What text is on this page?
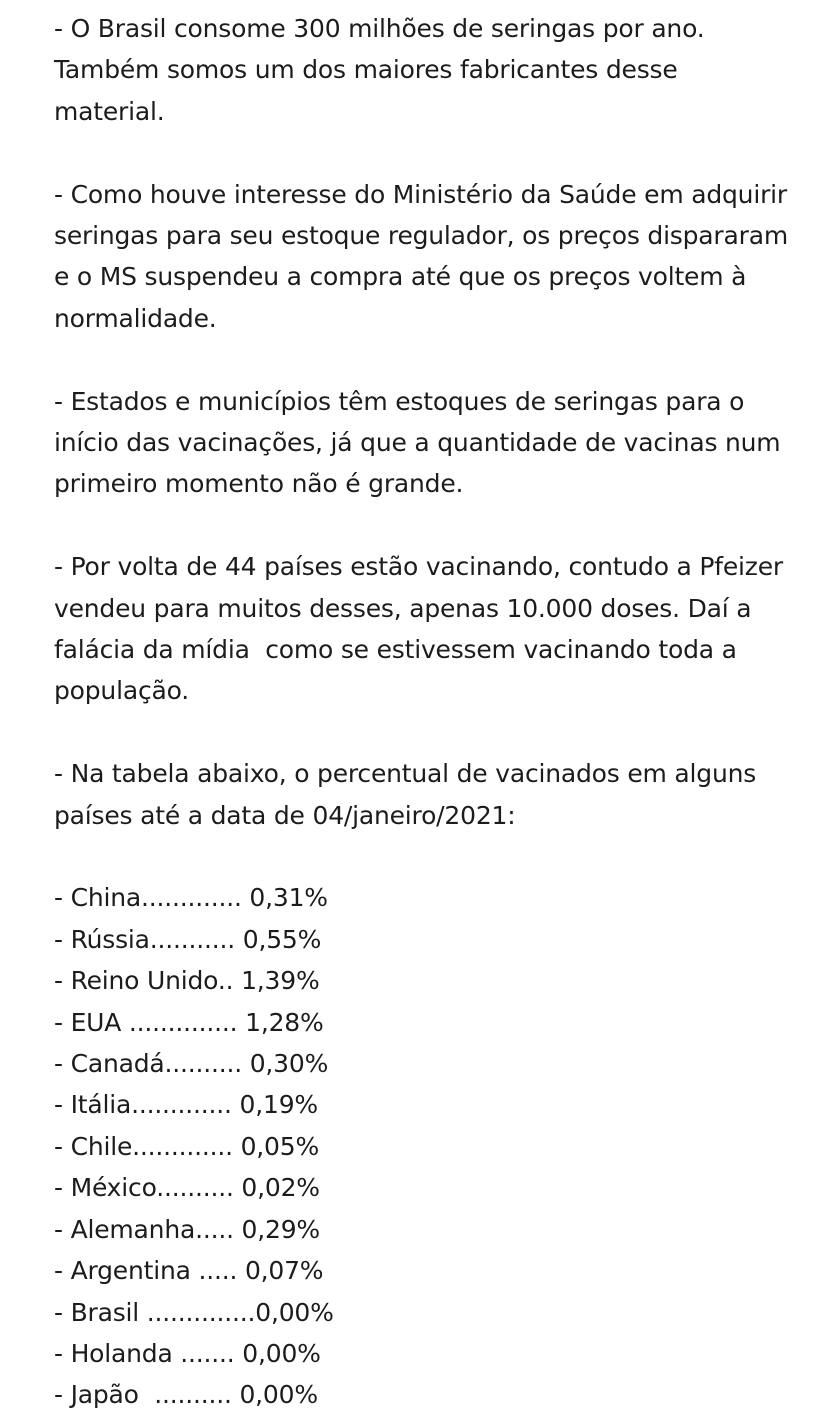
- O Brasil consome 300 milhões de seringas por ano. Também somos um dos maiores fabricantes desse material.

- Como houve interesse do Ministério da Saúde em adquirir seringas para seu estoque regulador, os preços dispararam e o MS suspendeu a compra até que os preços voltem à normalidade.

- Estados e municípios têm estoques de seringas para o início das vacinações, já que a quantidade de vacinas num primeiro momento não é grande.

- Por volta de 44 países estão vacinando, contudo a Pfeizer vendeu para muitos desses, apenas 10.000 doses. Daí a falácia da mídia  como se estivessem vacinando toda a população.

- Na tabela abaixo, o percentual de vacinados em alguns países até a data de 04/janeiro/2021:

- China............. 0,31%
- Rússia........... 0,55%
- Reino Unido.. 1,39%
- EUA .............. 1,28%
- Canadá.......... 0,30%
- Itália............. 0,19%
- Chile............. 0,05%
- México.......... 0,02%
- Alemanha..... 0,29%
- Argentina ..... 0,07%
- Brasil ..............0,00%
- Holanda ....... 0,00%
- Japão  .......... 0,00%
